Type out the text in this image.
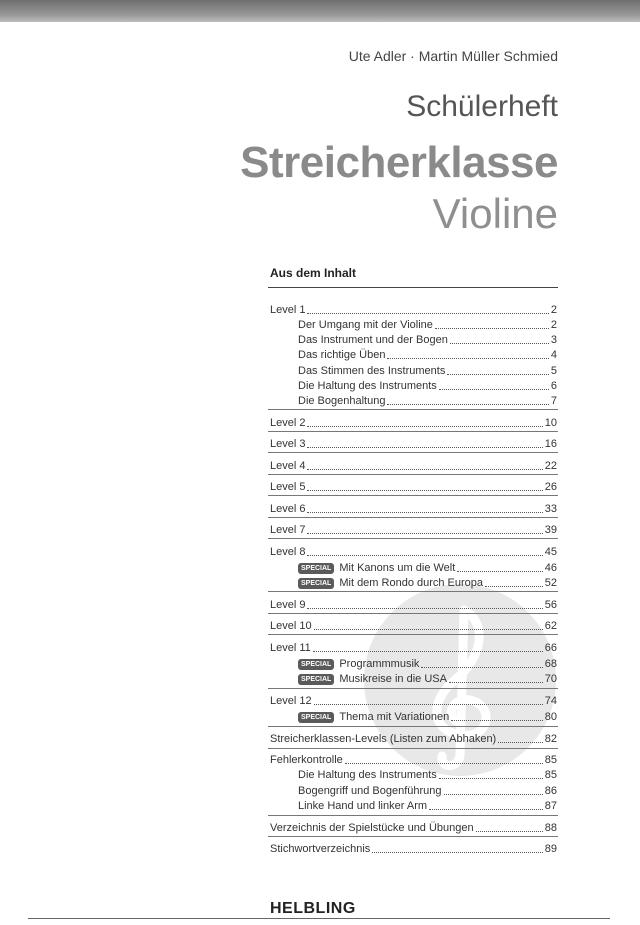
Ute Adler · Martin Müller Schmied
Schülerheft
Streicherklasse
Violine
Aus dem Inhalt
HELBLING
Level 1	2
Der Umgang mit der Violine	2
Das Instrument und der Bogen	3
Das richtige Üben	4
Das Stimmen des Instruments	5
Die Haltung des Instruments	6
Die Bogenhaltung	7
Level 2	10
Level 3	16
Level 4	22
Level 5	26
Level 6	33
Level 7	39
Level 8	45
SPECIAL Mit Kanons um die Welt	46
SPECIAL Mit dem Rondo durch Europa	52
Level 9	56
Level 10	62
Level 11	66
SPECIAL Programmmusik	68
SPECIAL Musikreise in die USA	70
Level 12	74
SPECIAL Thema mit Variationen	80
Streicherklassen-Levels (Listen zum Abhaken)	82
Fehlerkontrolle	85
Die Haltung des Instruments	85
Bogengriff und Bogenführung	86
Linke Hand und linker Arm	87
Verzeichnis der Spielstücke und Übungen	88
Stichwortverzeichnis	89
